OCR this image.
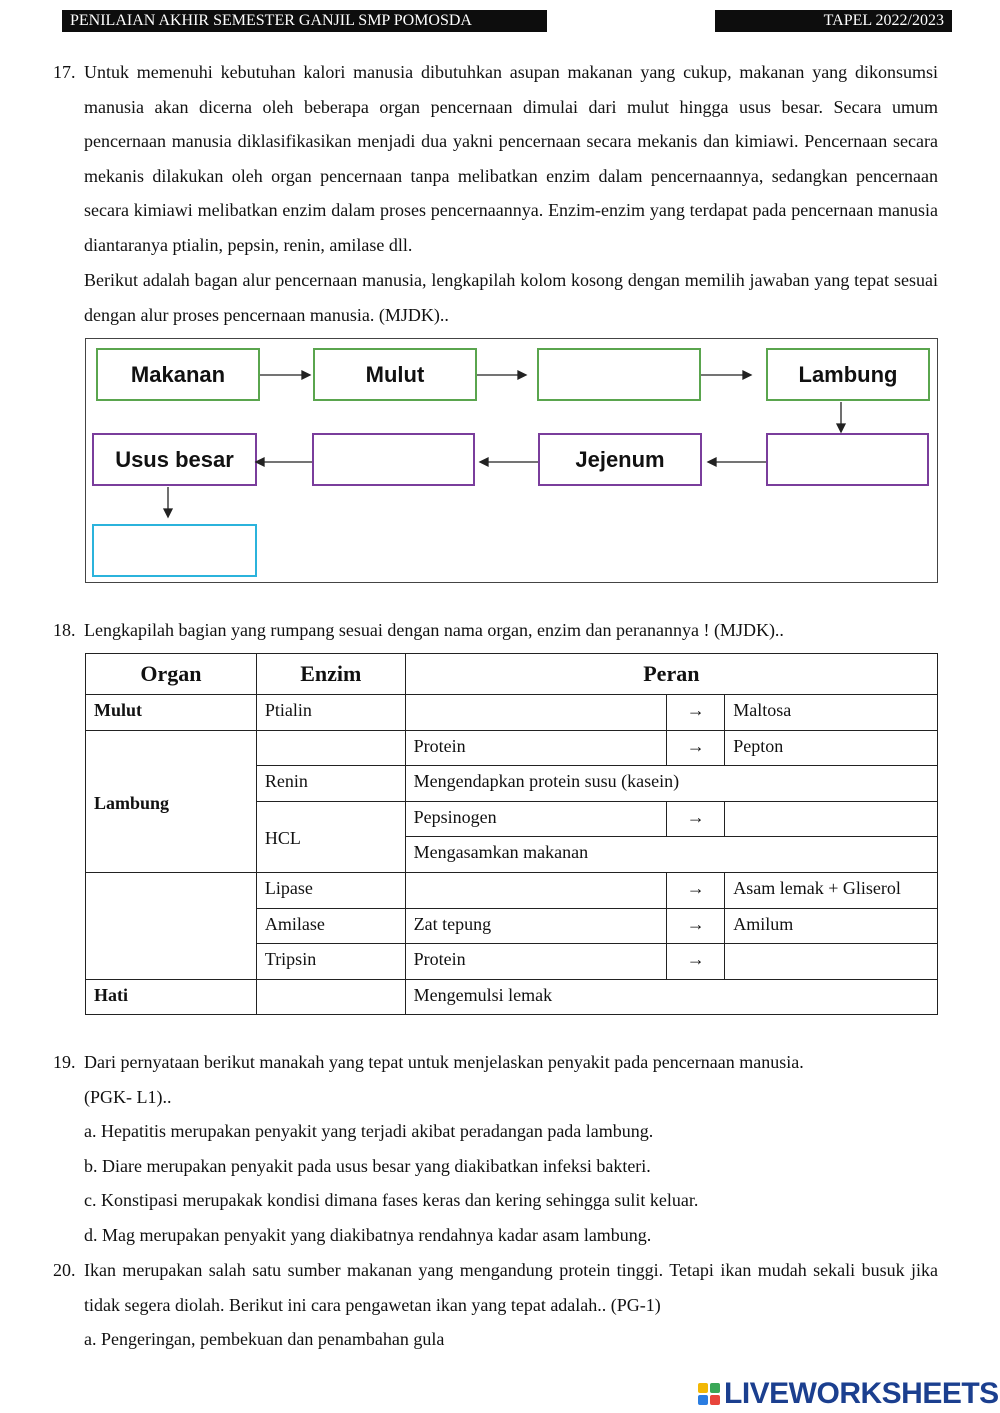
PENILAIAN AKHIR SEMESTER GANJIL SMP POMOSDA	TAPEL 2022/2023
17. Untuk memenuhi kebutuhan kalori manusia dibutuhkan asupan makanan yang cukup, makanan yang dikonsumsi manusia akan dicerna oleh beberapa organ pencernaan dimulai dari mulut hingga usus besar. Secara umum pencernaan manusia diklasifikasikan menjadi dua yakni pencernaan secara mekanis dan kimiawi. Pencernaan secara mekanis dilakukan oleh organ pencernaan tanpa melibatkan enzim dalam pencernaannya, sedangkan pencernaan secara kimiawi melibatkan enzim dalam proses pencernaannya. Enzim-enzim yang terdapat pada pencernaan manusia diantaranya ptialin, pepsin, renin, amilase dll.
Berikut adalah bagan alur pencernaan manusia, lengkapilah kolom kosong dengan memilih jawaban yang tepat sesuai dengan alur proses pencernaan manusia. (MJDK)..
Makanan	Mulut	Lambung
Usus besar	Jejenum
18. Lengkapilah bagian yang rumpang sesuai dengan nama organ, enzim dan peranannya ! (MJDK)..
Organ	Enzim	Peran		
Mulut	Ptialin		→	Maltosa
Lambung		Protein	→	Pepton
	Renin	Mengendapkan protein susu (kasein)		
	HCL	Pepsinogen	→	
		Mengasamkan makanan		
	Lipase		→	Asam lemak + Gliserol
	Amilase	Zat tepung	→	Amilum
	Tripsin	Protein	→	
Hati		Mengemulsi lemak		
19. Dari pernyataan berikut manakah yang tepat untuk menjelaskan penyakit pada pencernaan manusia.
(PGK- L1)..
a. Hepatitis merupakan penyakit yang terjadi akibat peradangan pada lambung.
b. Diare merupakan penyakit pada usus besar yang diakibatkan infeksi bakteri.
c. Konstipasi merupakak kondisi dimana fases keras dan kering sehingga sulit keluar.
d. Mag merupakan penyakit yang diakibatnya rendahnya kadar asam lambung.
20. Ikan merupakan salah satu sumber makanan yang mengandung protein tinggi. Tetapi ikan mudah sekali busuk jika tidak segera diolah. Berikut ini cara pengawetan ikan yang tepat adalah.. (PG-1)
a. Pengeringan, pembekuan dan penambahan gula
LIVEWORKSHEETS
